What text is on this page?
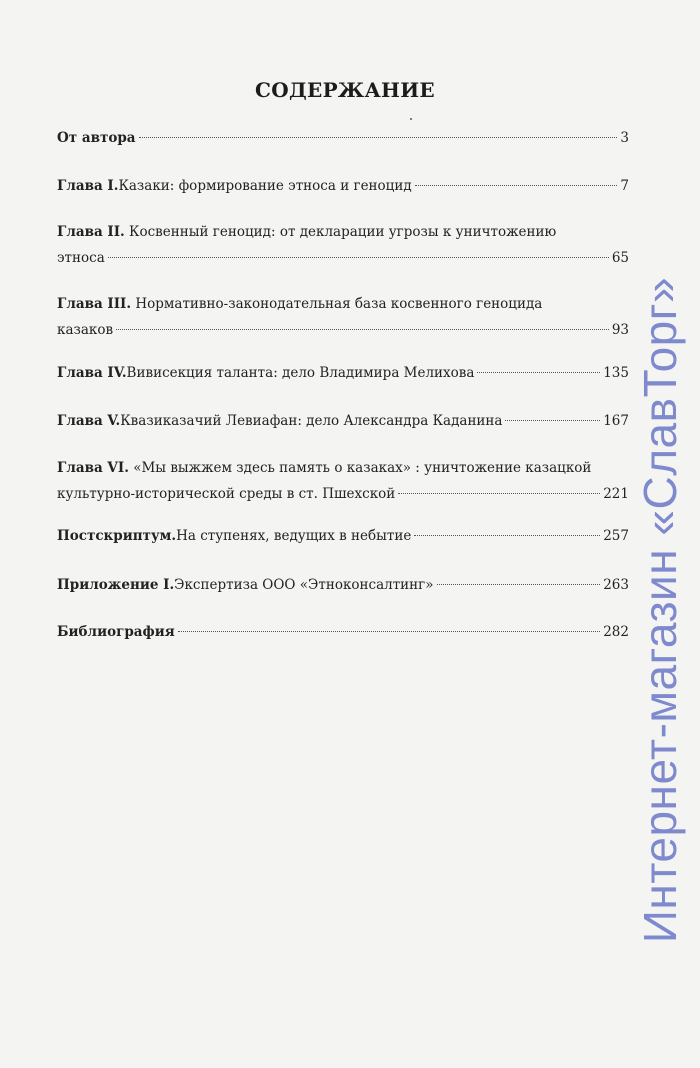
СОДЕРЖАНИЕ
От автора	3
Глава I. Казаки: формирование этноса и геноцид	7
Глава II. Косвенный геноцид: от декларации угрозы к уничтожению
этноса	65
Глава III. Нормативно-законодательная база косвенного геноцида
казаков	93
Глава IV. Вивисекция таланта: дело Владимира Мелихова	135
Глава V. Квазиказачий Левиафан: дело Александра Каданина	167
Глава VI. «Мы выжжем здесь память о казаках» : уничтожение казацкой
культурно-исторической среды в ст. Пшехской	221
Постскриптум. На ступенях, ведущих в небытие	257
Приложение I. Экспертиза ООО «Этноконсалтинг»	263
Библиография	282 Интернет-магазин «СлавТорг»
